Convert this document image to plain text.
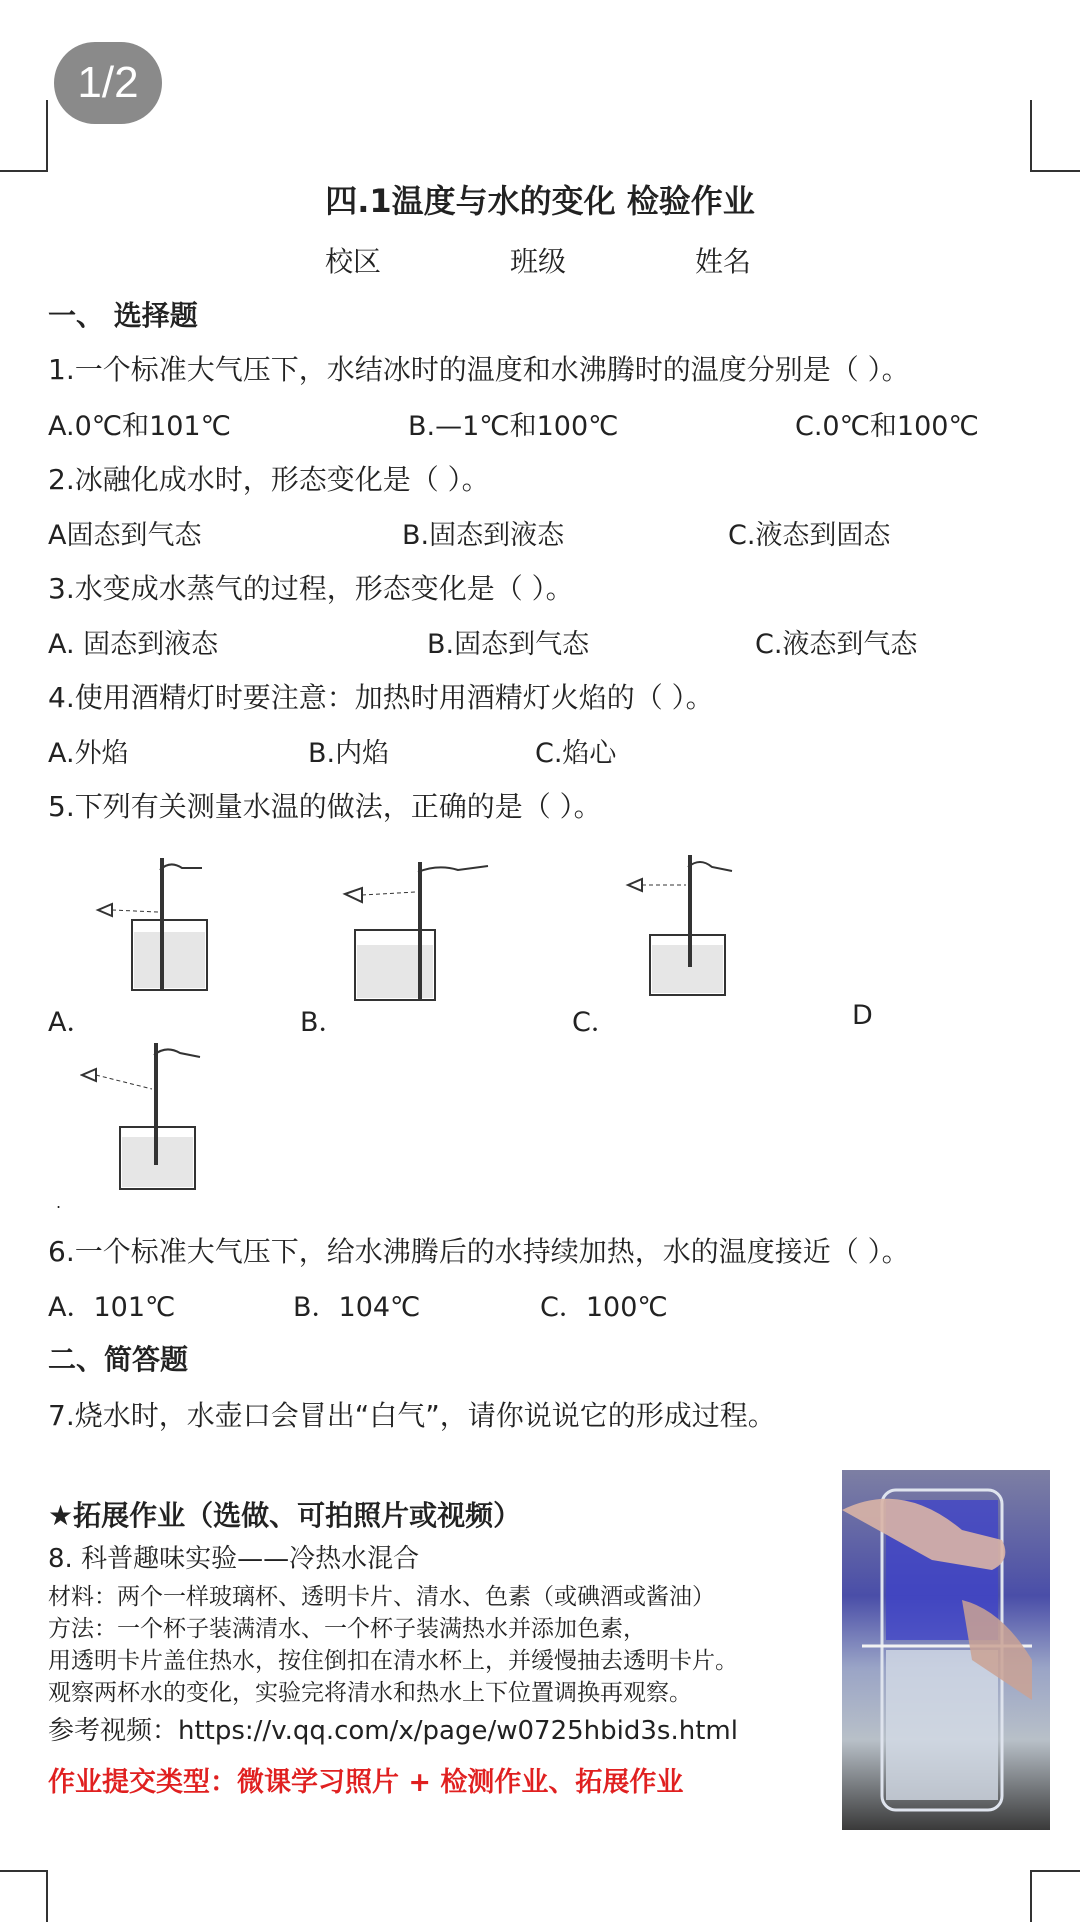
1/2
四.1温度与水的变化 检验作业
校区	班级	姓名
一、 选择题
1.一个标准大气压下，水结冰时的温度和水沸腾时的温度分别是（ ）。
A.0℃和101℃	B.—1℃和100℃	C.0℃和100℃
2.冰融化成水时，形态变化是（ ）。
A固态到气态	B.固态到液态	C.液态到固态
3.水变成水蒸气的过程，形态变化是（ ）。
A. 固态到液态	B.固态到气态	C.液态到气态
4.使用酒精灯时要注意：加热时用酒精灯火焰的（ ）。
A.外焰	B.内焰	C.焰心
5.下列有关测量水温的做法，正确的是（ ）。
A．	B．	C．	D
.
6.一个标准大气压下，给水沸腾后的水持续加热，水的温度接近（ ）。
A．101℃	B．104℃	C．100℃
二、简答题
7.烧水时，水壶口会冒出“白气”，请你说说它的形成过程。
★拓展作业（选做、可拍照片或视频）
8. 科普趣味实验——冷热水混合
材料：两个一样玻璃杯、透明卡片、清水、色素（或碘酒或酱油）
方法：一个杯子装满清水、一个杯子装满热水并添加色素，
用透明卡片盖住热水，按住倒扣在清水杯上，并缓慢抽去透明卡片。
观察两杯水的变化，实验完将清水和热水上下位置调换再观察。
参考视频：https://v.qq.com/x/page/w0725hbid3s.html
作业提交类型：微课学习照片 + 检测作业、拓展作业
